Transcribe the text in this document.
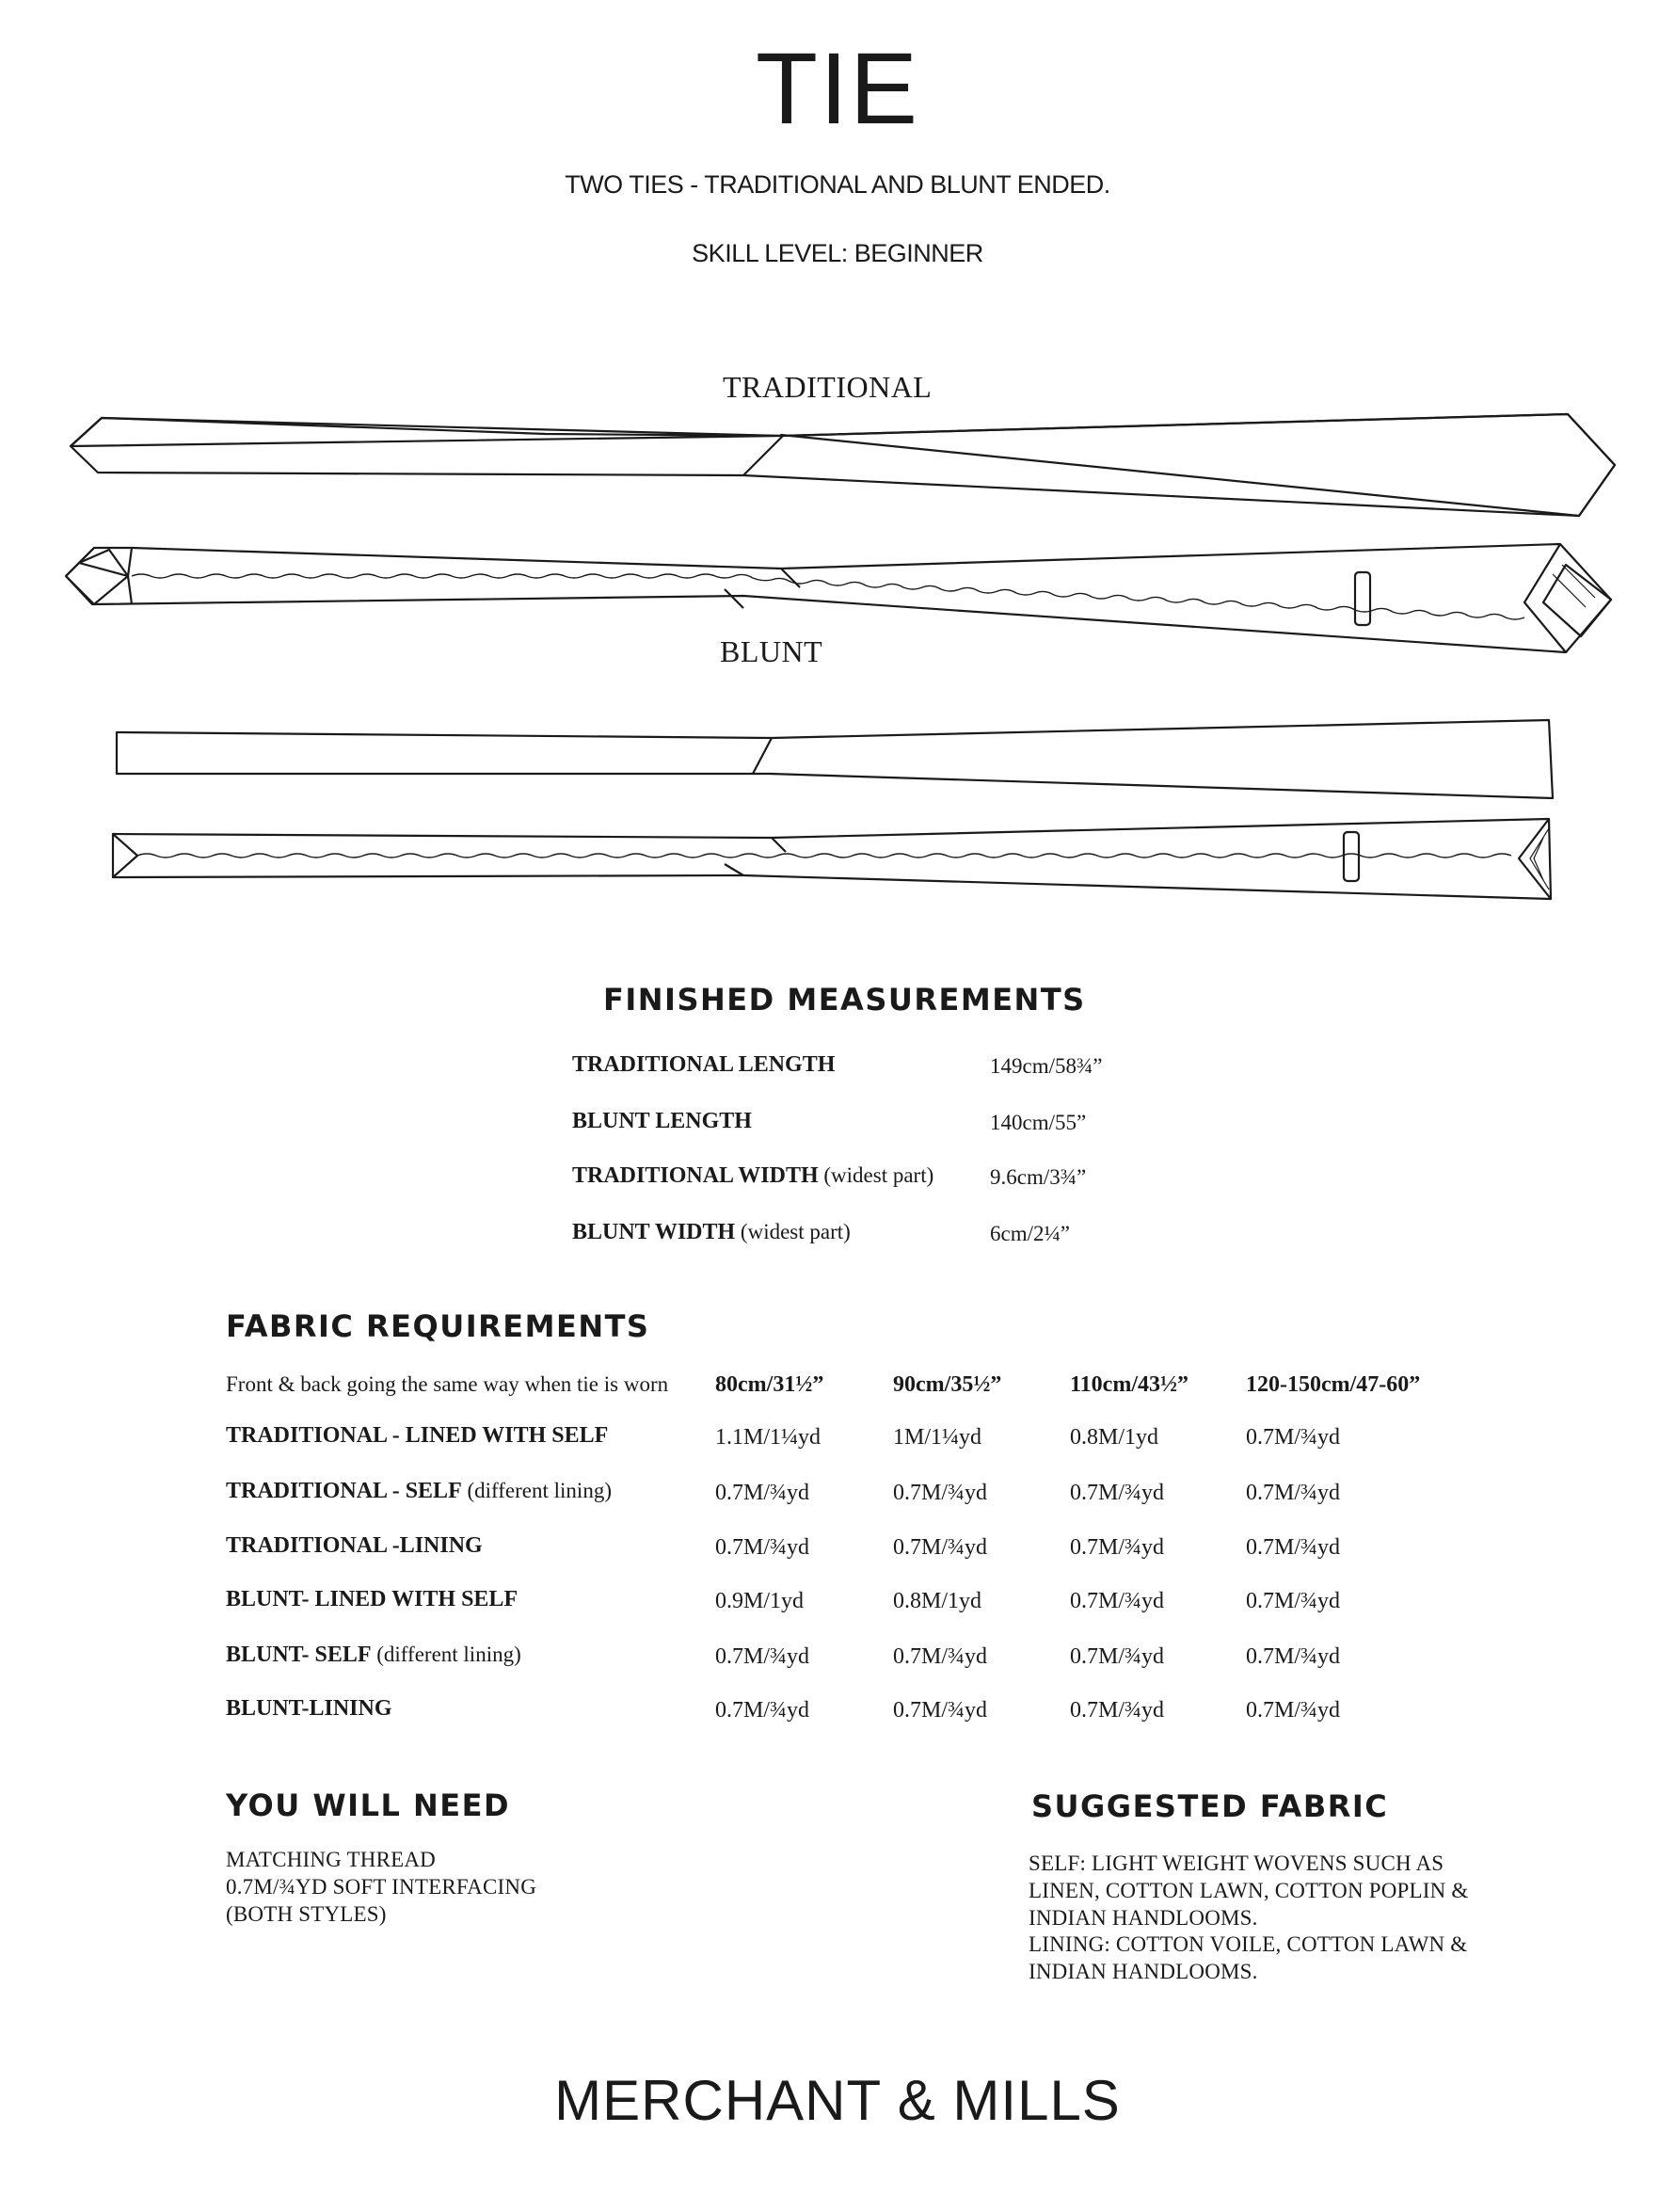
TIE
TWO TIES - TRADITIONAL AND BLUNT ENDED.
SKILL LEVEL: BEGINNER
TRADITIONAL
BLUNT
FINISHED MEASUREMENTS
TRADITIONAL LENGTH	149cm/58¾”
BLUNT LENGTH	140cm/55”
TRADITIONAL WIDTH (widest part)	9.6cm/3¾”
BLUNT WIDTH (widest part)	6cm/2¼”
FABRIC REQUIREMENTS
Front & back going the same way when tie is worn 80cm/31½”	90cm/35½”	110cm/43½”	120-150cm/47-60”
TRADITIONAL - LINED WITH SELF	1.1M/1¼yd	1M/1¼yd	0.8M/1yd	0.7M/¾yd
TRADITIONAL - SELF (different lining)	0.7M/¾yd	0.7M/¾yd	0.7M/¾yd	0.7M/¾yd
TRADITIONAL -LINING	0.7M/¾yd	0.7M/¾yd	0.7M/¾yd	0.7M/¾yd
BLUNT- LINED WITH SELF	0.9M/1yd	0.8M/1yd	0.7M/¾yd	0.7M/¾yd
BLUNT- SELF (different lining)	0.7M/¾yd	0.7M/¾yd	0.7M/¾yd	0.7M/¾yd
BLUNT-LINING	0.7M/¾yd	0.7M/¾yd	0.7M/¾yd	0.7M/¾yd
YOU WILL NEED
MATCHING THREAD
0.7M/¾YD SOFT INTERFACING
(BOTH STYLES)
SUGGESTED FABRIC
SELF: LIGHT WEIGHT WOVENS SUCH AS
LINEN, COTTON LAWN, COTTON POPLIN &
INDIAN HANDLOOMS.
LINING: COTTON VOILE, COTTON LAWN &
INDIAN HANDLOOMS.
MERCHANT & MILLS
